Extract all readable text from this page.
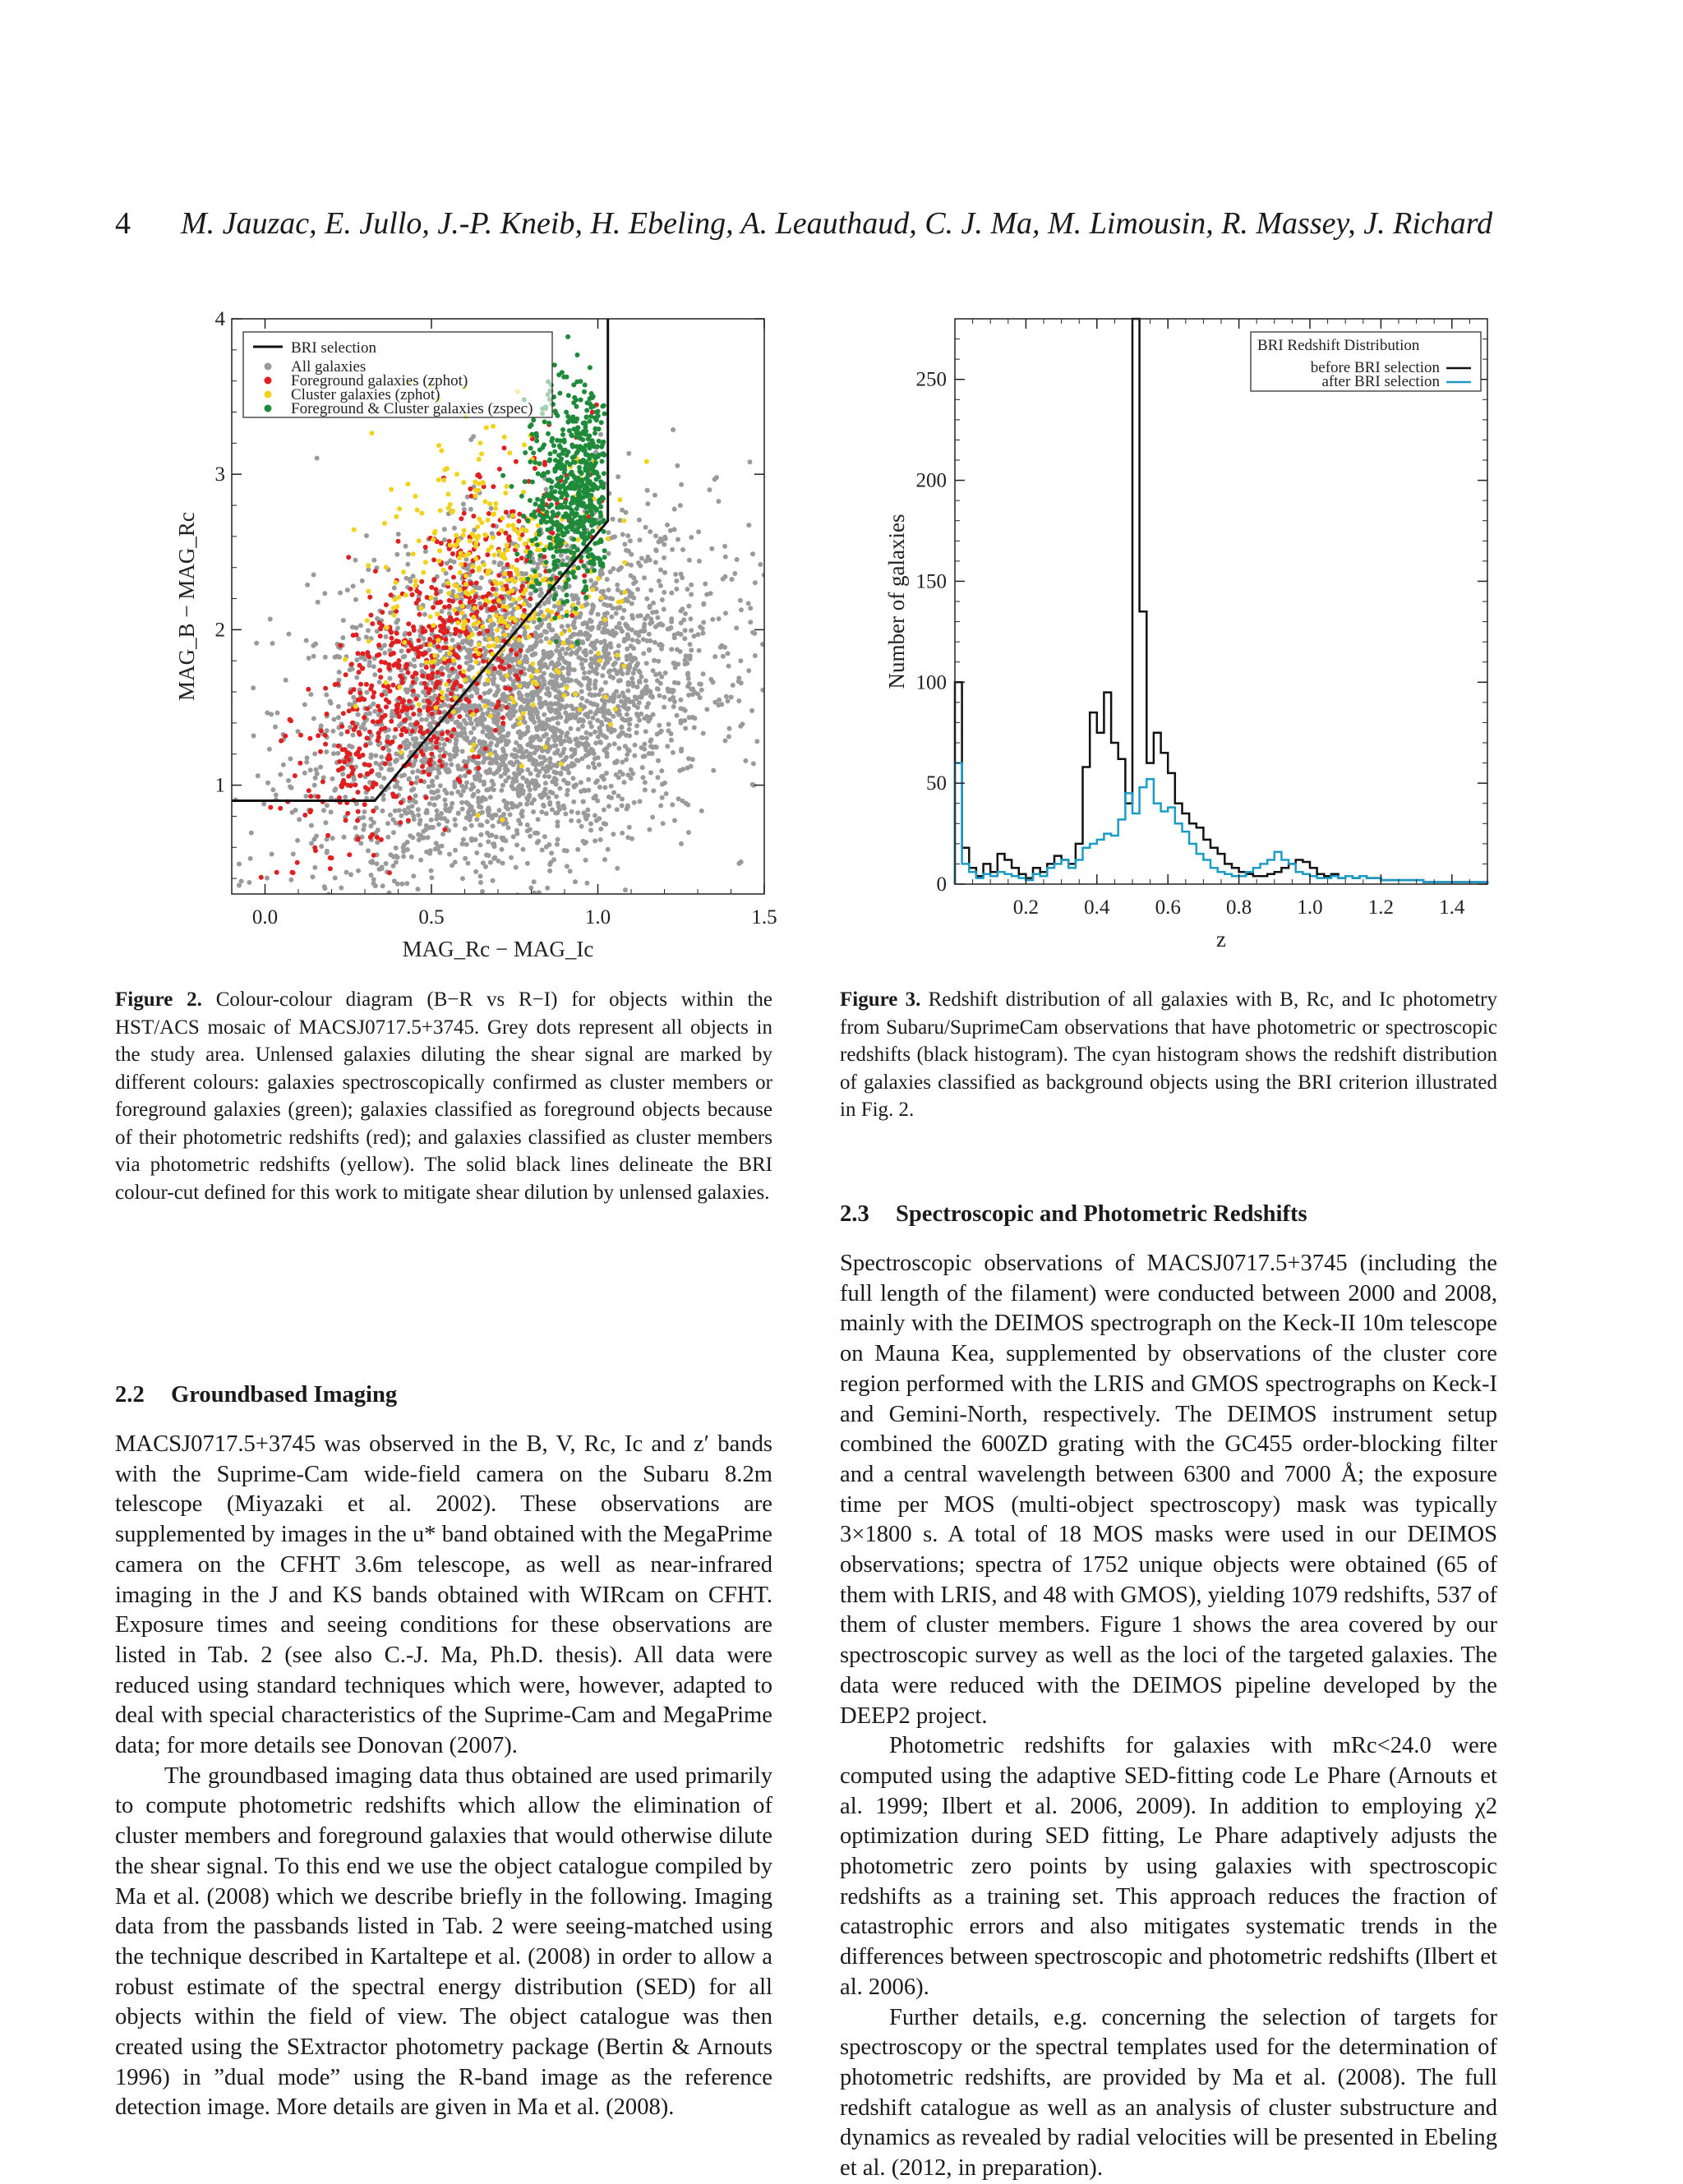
4 M. Jauzac, E. Jullo, J.-P. Kneib, H. Ebeling, A. Leauthaud, C. J. Ma, M. Limousin, R. Massey, J. Richard
0.0	0.5	1.0	1.5
1
2
3
4
MAG_Rc − MAG_Ic
MAG_B − MAG_Rc
BRI selection
All galaxies
Foreground galaxies (zphot)
Cluster galaxies (zphot)
Foreground & Cluster galaxies (zspec)
0.2 0.4 0.6 0.8 1.0 1.2 1.4
0
50
100
150
200
250
z
Number of galaxies
BRI Redshift Distribution
before BRI selection
after BRI selection
Figure 2. Colour-colour diagram (B−R vs R−I) for objects within the HST/ACS mosaic of MACSJ0717.5+3745. Grey dots represent all objects in the study area. Unlensed galaxies diluting the shear signal are marked by different colours: galaxies spectroscopically confirmed as cluster members or foreground galaxies (green); galaxies classified as foreground objects because of their photometric redshifts (red); and galaxies classified as cluster members via photometric redshifts (yellow). The solid black lines delineate the BRI colour-cut defined for this work to mitigate shear dilution by unlensed galaxies.
Figure 3. Redshift distribution of all galaxies with B, Rc, and Ic photometry from Subaru/SuprimeCam observations that have photometric or spectroscopic redshifts (black histogram). The cyan histogram shows the redshift distribution of galaxies classified as background objects using the BRI criterion illustrated in Fig. 2.
2.2 Groundbased Imaging

MACSJ0717.5+3745 was observed in the B, V, Rc, Ic and z′ bands with the Suprime-Cam wide-field camera on the Subaru 8.2m telescope (Miyazaki et al. 2002). These observations are supplemented by images in the u* band obtained with the MegaPrime camera on the CFHT 3.6m telescope, as well as near-infrared imaging in the J and KS bands obtained with WIRcam on CFHT. Exposure times and seeing conditions for these observations are listed in Tab. 2 (see also C.-J. Ma, Ph.D. thesis). All data were reduced using standard techniques which were, however, adapted to deal with special characteristics of the Suprime-Cam and MegaPrime data; for more details see Donovan (2007).

The groundbased imaging data thus obtained are used primarily to compute photometric redshifts which allow the elimination of cluster members and foreground galaxies that would otherwise dilute the shear signal. To this end we use the object catalogue compiled by Ma et al. (2008) which we describe briefly in the following. Imaging data from the passbands listed in Tab. 2 were seeing-matched using the technique described in Kartaltepe et al. (2008) in order to allow a robust estimate of the spectral energy distribution (SED) for all objects within the field of view. The object catalogue was then created using the SExtractor photometry package (Bertin & Arnouts 1996) in ”dual mode” using the R-band image as the reference detection image. More details are given in Ma et al. (2008).

2.3 Spectroscopic and Photometric Redshifts

Spectroscopic observations of MACSJ0717.5+3745 (including the full length of the filament) were conducted between 2000 and 2008, mainly with the DEIMOS spectrograph on the Keck-II 10m telescope on Mauna Kea, supplemented by observations of the cluster core region performed with the LRIS and GMOS spectrographs on Keck-I and Gemini-North, respectively. The DEIMOS instrument setup combined the 600ZD grating with the GC455 order-blocking filter and a central wavelength between 6300 and 7000 Å; the exposure time per MOS (multi-object spectroscopy) mask was typically 3×1800 s. A total of 18 MOS masks were used in our DEIMOS observations; spectra of 1752 unique objects were obtained (65 of them with LRIS, and 48 with GMOS), yielding 1079 redshifts, 537 of them of cluster members. Figure 1 shows the area covered by our spectroscopic survey as well as the loci of the targeted galaxies. The data were reduced with the DEIMOS pipeline developed by the DEEP2 project.

Photometric redshifts for galaxies with mRc<24.0 were computed using the adaptive SED-fitting code Le Phare (Arnouts et al. 1999; Ilbert et al. 2006, 2009). In addition to employing χ2 optimization during SED fitting, Le Phare adaptively adjusts the photometric zero points by using galaxies with spectroscopic redshifts as a training set. This approach reduces the fraction of catastrophic errors and also mitigates systematic trends in the differences between spectroscopic and photometric redshifts (Ilbert et al. 2006).

Further details, e.g. concerning the selection of targets for spectroscopy or the spectral templates used for the determination of photometric redshifts, are provided by Ma et al. (2008). The full redshift catalogue as well as an analysis of cluster substructure and dynamics as revealed by radial velocities will be presented in Ebeling et al. (2012, in preparation).
